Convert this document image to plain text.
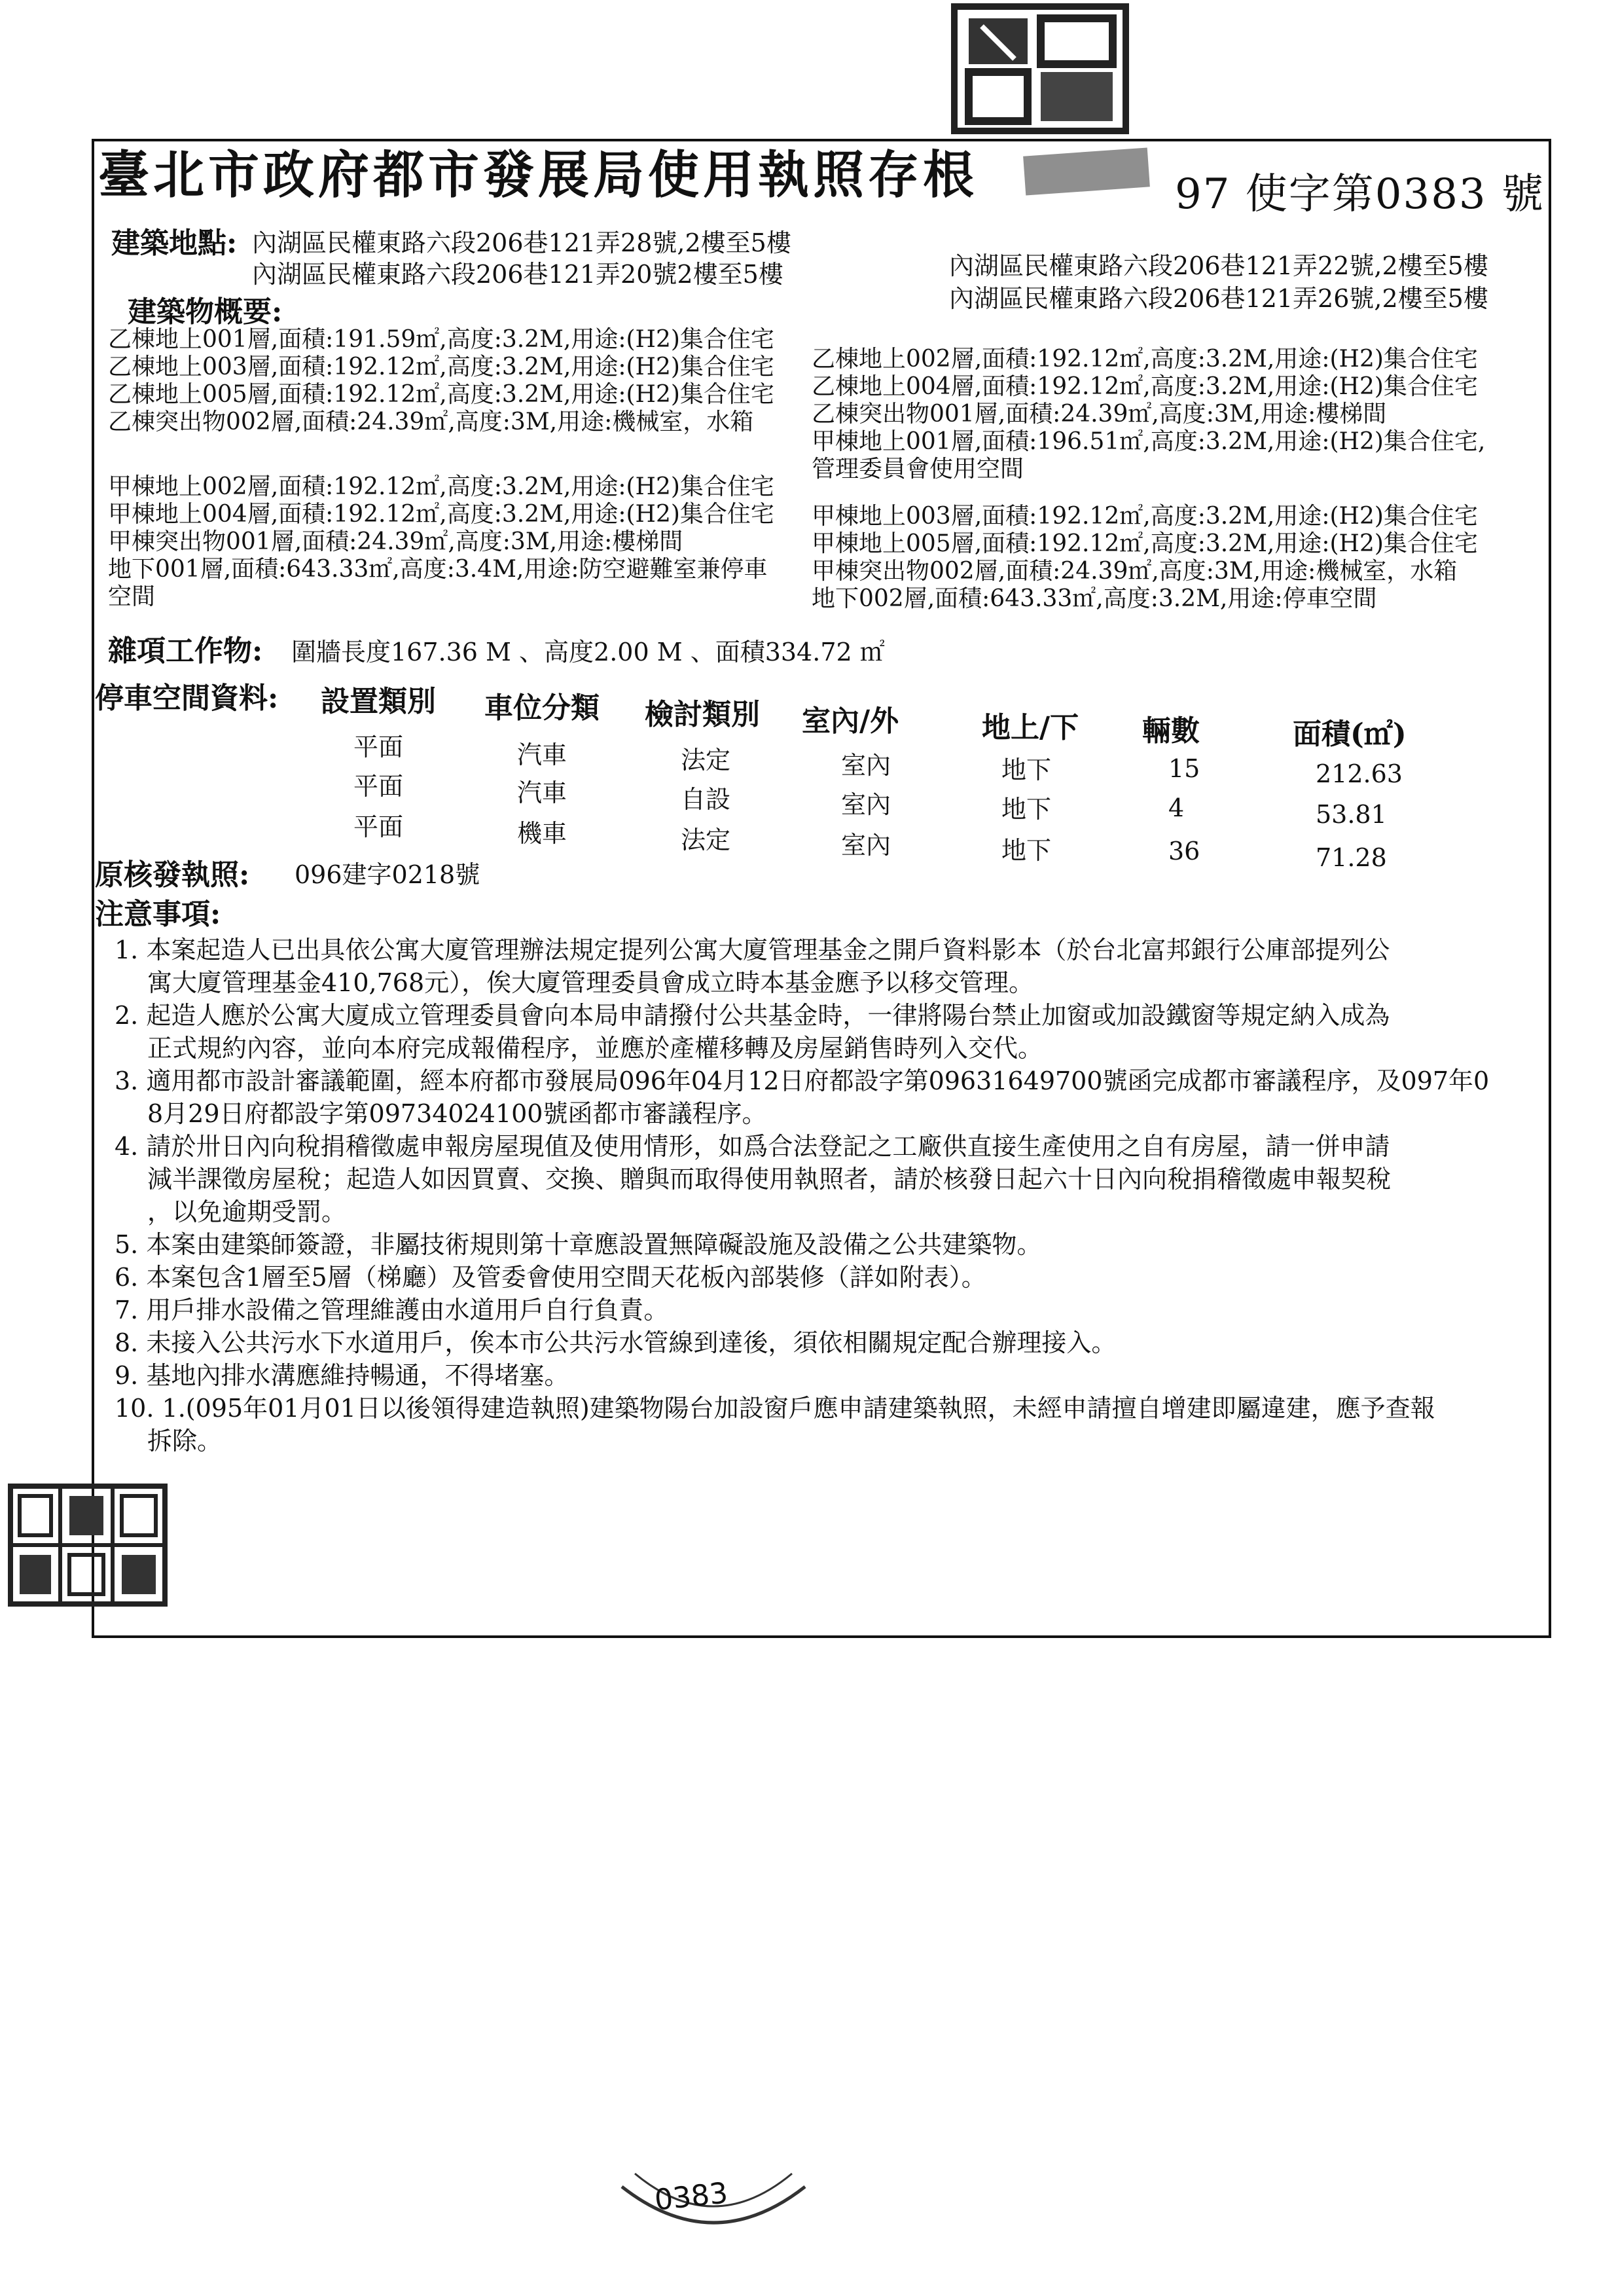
臺北市政府都市發展局使用執照存根	97 使字第0383 號
建築地點: 內湖區民權東路六段206巷121弄28號,2樓至5樓
內湖區民權東路六段206巷121弄20號2樓至5樓	內湖區民權東路六段206巷121弄22號,2樓至5樓
內湖區民權東路六段206巷121弄26號,2樓至5樓
建築物概要:
乙棟地上001層,面積:191.59㎡,高度:3.2M,用途:(H2)集合住宅
乙棟地上003層,面積:192.12㎡,高度:3.2M,用途:(H2)集合住宅
乙棟地上005層,面積:192.12㎡,高度:3.2M,用途:(H2)集合住宅
乙棟突出物002層,面積:24.39㎡,高度:3M,用途:機械室，水箱
甲棟地上002層,面積:192.12㎡,高度:3.2M,用途:(H2)集合住宅
甲棟地上004層,面積:192.12㎡,高度:3.2M,用途:(H2)集合住宅
甲棟突出物001層,面積:24.39㎡,高度:3M,用途:樓梯間
地下001層,面積:643.33㎡,高度:3.4M,用途:防空避難室兼停車
空間
乙棟地上002層,面積:192.12㎡,高度:3.2M,用途:(H2)集合住宅
乙棟地上004層,面積:192.12㎡,高度:3.2M,用途:(H2)集合住宅
乙棟突出物001層,面積:24.39㎡,高度:3M,用途:樓梯間
甲棟地上001層,面積:196.51㎡,高度:3.2M,用途:(H2)集合住宅,
管理委員會使用空間
甲棟地上003層,面積:192.12㎡,高度:3.2M,用途:(H2)集合住宅
甲棟地上005層,面積:192.12㎡,高度:3.2M,用途:(H2)集合住宅
甲棟突出物002層,面積:24.39㎡,高度:3M,用途:機械室，水箱
地下002層,面積:643.33㎡,高度:3.2M,用途:停車空間
雜項工作物: 圍牆長度167.36 M 、高度2.00 M 、面積334.72 ㎡
停車空間資料: 設置類別 車位分類 檢討類別 室內/外	地上/下 輛數	面積(㎡)
平面	汽車	法定	室內	地下	15	212.63
平面	汽車	自設	室內	地下	4	53.81
平面	機車	法定	室內	地下	36	71.28
原核發執照: 096建字0218號
注意事項:
1. 本案起造人已出具依公寓大廈管理辦法規定提列公寓大廈管理基金之開戶資料影本（於台北富邦銀行公庫部提列公
寓大廈管理基金410,768元），俟大廈管理委員會成立時本基金應予以移交管理。
2. 起造人應於公寓大廈成立管理委員會向本局申請撥付公共基金時，一律將陽台禁止加窗或加設鐵窗等規定納入成為
正式規約內容，並向本府完成報備程序，並應於產權移轉及房屋銷售時列入交代。
3. 適用都市設計審議範圍，經本府都市發展局096年04月12日府都設字第09631649700號函完成都市審議程序，及097年0
8月29日府都設字第09734024100號函都市審議程序。
4. 請於卅日內向稅捐稽徵處申報房屋現值及使用情形，如爲合法登記之工廠供直接生產使用之自有房屋，請一併申請
減半課徵房屋稅；起造人如因買賣、交換、贈與而取得使用執照者，請於核發日起六十日內向稅捐稽徵處申報契稅
，以免逾期受罰。
5. 本案由建築師簽證，非屬技術規則第十章應設置無障礙設施及設備之公共建築物。
6. 本案包含1層至5層（梯廳）及管委會使用空間天花板內部裝修（詳如附表）。
7. 用戶排水設備之管理維護由水道用戶自行負責。
8. 未接入公共污水下水道用戶，俟本市公共污水管線到達後，須依相關規定配合辦理接入。
9. 基地內排水溝應維持暢通，不得堵塞。
10. 1.(095年01月01日以後領得建造執照)建築物陽台加設窗戶應申請建築執照，未經申請擅自增建即屬違建，應予查報
拆除。
0383
